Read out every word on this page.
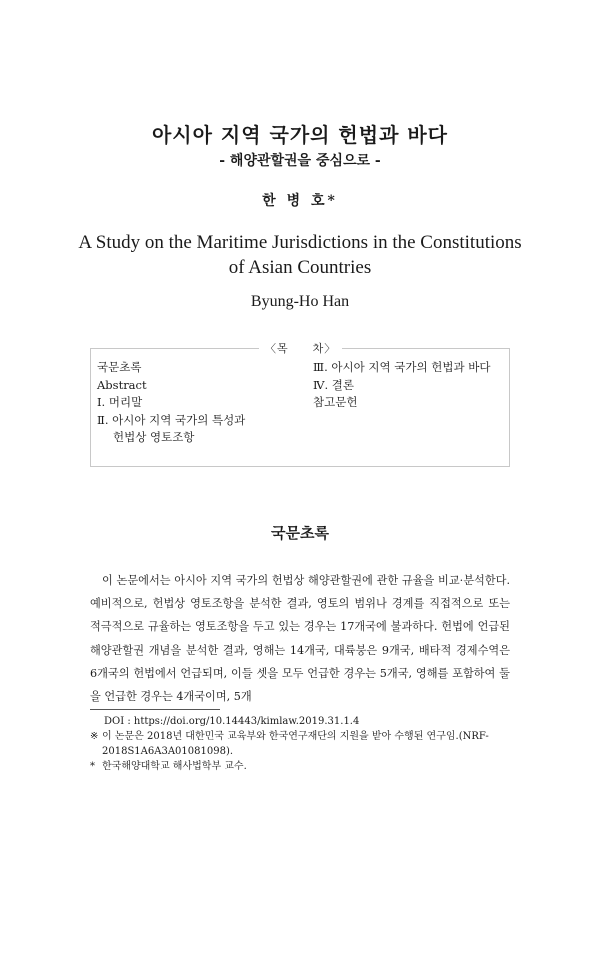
아시아 지역 국가의 헌법과 바다
- 해양관할권을 중심으로 -
한 병 호*
A Study on the Maritime Jurisdictions in the Constitutions
of Asian Countries
Byung-Ho Han
〈목　　차〉
국문초록
Abstract
Ⅰ. 머리말
Ⅱ. 아시아 지역 국가의 특성과
헌법상 영토조항
Ⅲ. 아시아 지역 국가의 헌법과 바다
Ⅳ. 결론
참고문헌
국문초록

이 논문에서는 아시아 지역 국가의 헌법상 해양관할권에 관한 규율을 비교·분석한다. 예비적으로, 헌법상 영토조항을 분석한 결과, 영토의 범위나 경계를 직접적으로 또는 적극적으로 규율하는 영토조항을 두고 있는 경우는 17개국에 불과하다. 헌법에 언급된 해양관할권 개념을 분석한 결과, 영해는 14개국, 대륙붕은 9개국, 배타적 경제수역은 6개국의 헌법에서 언급되며, 이들 셋을 모두 언급한 경우는 5개국, 영해를 포함하여 둘을 언급한 경우는 4개국이며, 5개

DOI : https://doi.org/10.14443/kimlaw.2019.31.1.4
※ 이 논문은 2018년 대한민국 교육부와 한국연구재단의 지원을 받아 수행된 연구임.(NRF-2018S1A6A3A01081098).
* 한국해양대학교 해사법학부 교수.
